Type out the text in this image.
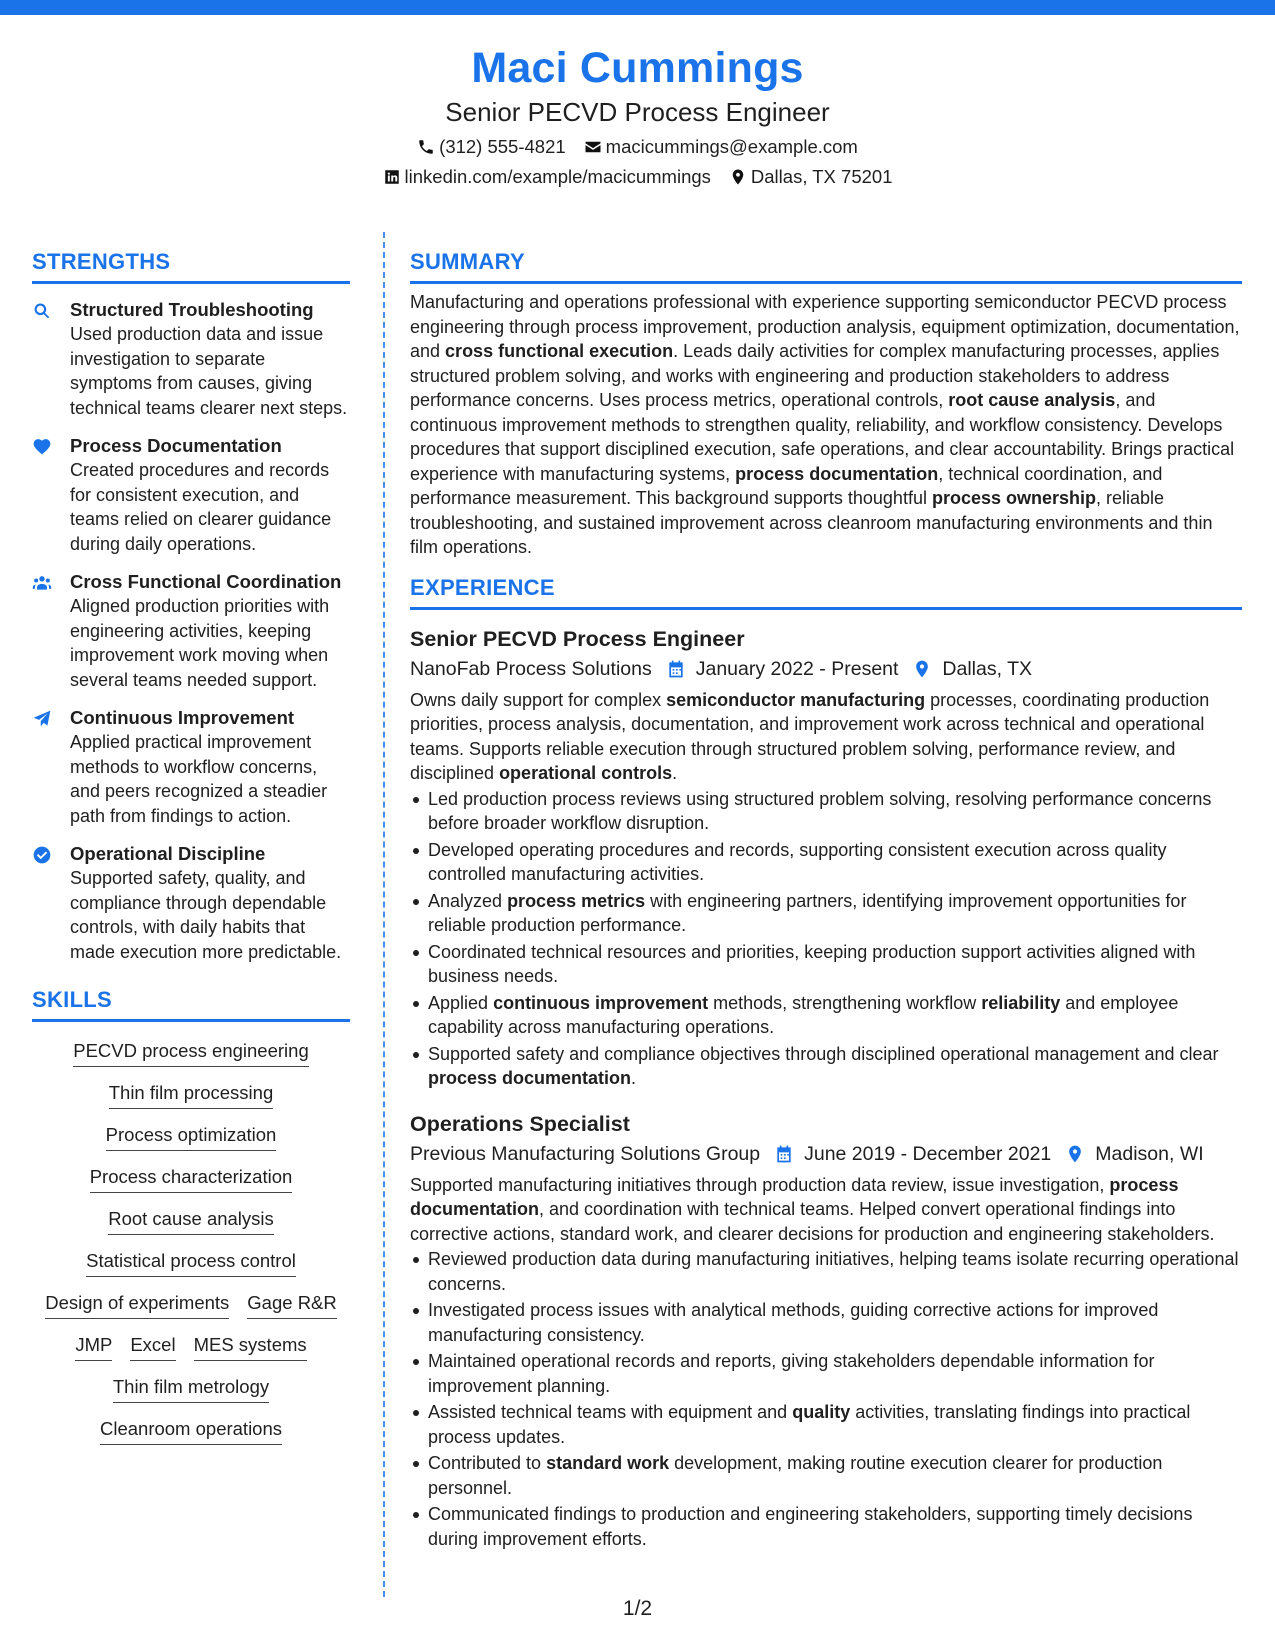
Maci Cummings
Senior PECVD Process Engineer
(312) 555-4821 macicummings@example.com
linkedin.com/example/macicummings Dallas, TX 75201
STRENGTHS
Structured Troubleshooting
Used production data and issue investigation to separate symptoms from causes, giving technical teams clearer next steps.
Process Documentation
Created procedures and records for consistent execution, and teams relied on clearer guidance during daily operations.
Cross Functional Coordination
Aligned production priorities with engineering activities, keeping improvement work moving when several teams needed support.
Continuous Improvement
Applied practical improvement methods to workflow concerns, and peers recognized a steadier path from findings to action.
Operational Discipline
Supported safety, quality, and compliance through dependable controls, with daily habits that made execution more predictable.
SKILLS
PECVD process engineering
Thin film processing
Process optimization
Process characterization
Root cause analysis
Statistical process control
Design of experiments Gage R&R
JMP Excel MES systems
Thin film metrology
Cleanroom operations
SUMMARY
Manufacturing and operations professional with experience supporting semiconductor PECVD process engineering through process improvement, production analysis, equipment optimization, documentation, and cross functional execution. Leads daily activities for complex manufacturing processes, applies structured problem solving, and works with engineering and production stakeholders to address performance concerns. Uses process metrics, operational controls, root cause analysis, and continuous improvement methods to strengthen quality, reliability, and workflow consistency. Develops procedures that support disciplined execution, safe operations, and clear accountability. Brings practical experience with manufacturing systems, process documentation, technical coordination, and performance measurement. This background supports thoughtful process ownership, reliable troubleshooting, and sustained improvement across cleanroom manufacturing environments and thin film operations.
EXPERIENCE
Senior PECVD Process Engineer
NanoFab Process Solutions January 2022 - Present Dallas, TX
Owns daily support for complex semiconductor manufacturing processes, coordinating production priorities, process analysis, documentation, and improvement work across technical and operational teams. Supports reliable execution through structured problem solving, performance review, and disciplined operational controls.
Led production process reviews using structured problem solving, resolving performance concerns before broader workflow disruption.
Developed operating procedures and records, supporting consistent execution across quality controlled manufacturing activities.
Analyzed process metrics with engineering partners, identifying improvement opportunities for reliable production performance.
Coordinated technical resources and priorities, keeping production support activities aligned with business needs.
Applied continuous improvement methods, strengthening workflow reliability and employee capability across manufacturing operations.
Supported safety and compliance objectives through disciplined operational management and clear process documentation.
Operations Specialist
Previous Manufacturing Solutions Group June 2019 - December 2021 Madison, WI
Supported manufacturing initiatives through production data review, issue investigation, process documentation, and coordination with technical teams. Helped convert operational findings into corrective actions, standard work, and clearer decisions for production and engineering stakeholders.
Reviewed production data during manufacturing initiatives, helping teams isolate recurring operational concerns.
Investigated process issues with analytical methods, guiding corrective actions for improved manufacturing consistency.
Maintained operational records and reports, giving stakeholders dependable information for improvement planning.
Assisted technical teams with equipment and quality activities, translating findings into practical process updates.
Contributed to standard work development, making routine execution clearer for production personnel.
Communicated findings to production and engineering stakeholders, supporting timely decisions during improvement efforts.
1/2
